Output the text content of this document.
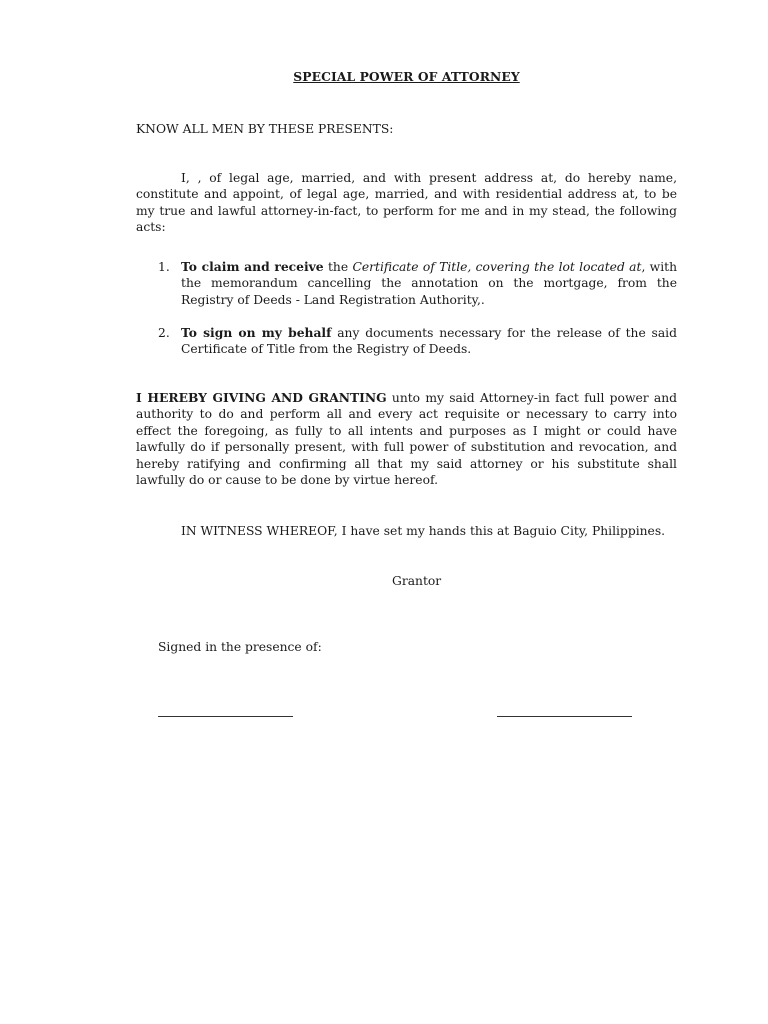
SPECIAL POWER OF ATTORNEY
KNOW ALL MEN BY THESE PRESENTS:
I, , of legal age, married, and with present address at, do hereby name, constitute and appoint, of legal age, married, and with residential address at, to be my true and lawful attorney-in-fact, to perform for me and in my stead, the following acts:
1. To claim and receive the Certificate of Title, covering the lot located at, with the memorandum cancelling the annotation on the mortgage, from the Registry of Deeds - Land Registration Authority,.
2. To sign on my behalf any documents necessary for the release of the said Certificate of Title from the Registry of Deeds.
I HEREBY GIVING AND GRANTING unto my said Attorney-in fact full power and authority to do and perform all and every act requisite or necessary to carry into effect the foregoing, as fully to all intents and purposes as I might or could have lawfully do if personally present, with full power of substitution and revocation, and hereby ratifying and confirming all that my said attorney or his substitute shall lawfully do or cause to be done by virtue hereof.
IN WITNESS WHEREOF, I have set my hands this at Baguio City, Philippines.
Grantor
Signed in the presence of:
